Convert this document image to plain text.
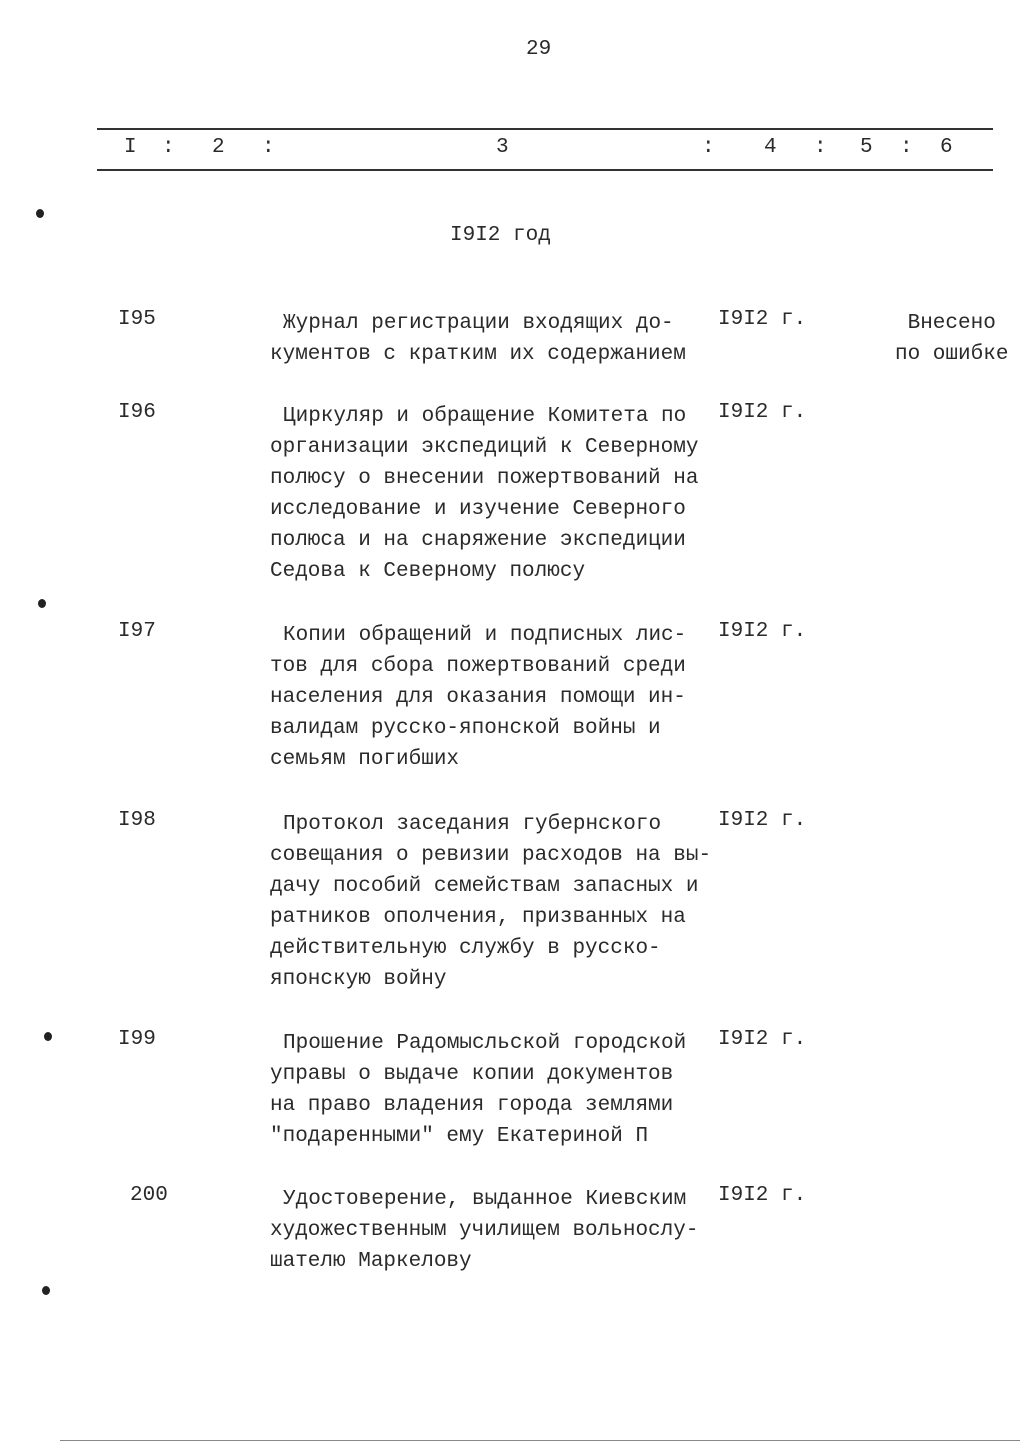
29
I : 2 :	3	: 4 : 5 : 6
I9I2 год
I95	Журнал регистрации входящих до-
кументов с кратким их содержанием
I9I2 г.	Внесено
по ошибке
I96	Циркуляр и обращение Комитета по
организации экспедиций к Северному
полюсу о внесении пожертвований на
исследование и изучение Северного
полюса и на снаряжение экспедиции
Седова к Северному полюсу
I9I2 г.
I97	Копии обращений и подписных лис-
тов для сбора пожертвований среди
населения для оказания помощи ин-
валидам русско-японской войны и
семьям погибших
I9I2 г.
I98	Протокол заседания губернского
совещания о ревизии расходов на вы-
дачу пособий семействам запасных и
ратников ополчения, призванных на
действительную службу в русско-
японскую войну
I9I2 г.
I99	Прошение Радомысльской городской
управы о выдаче копии документов
на право владения города землями
"подаренными" ему Екатериной П
I9I2 г.
200	Удостоверение, выданное Киевским
художественным училищем вольнослу-
шателю Маркелову
I9I2 г.
